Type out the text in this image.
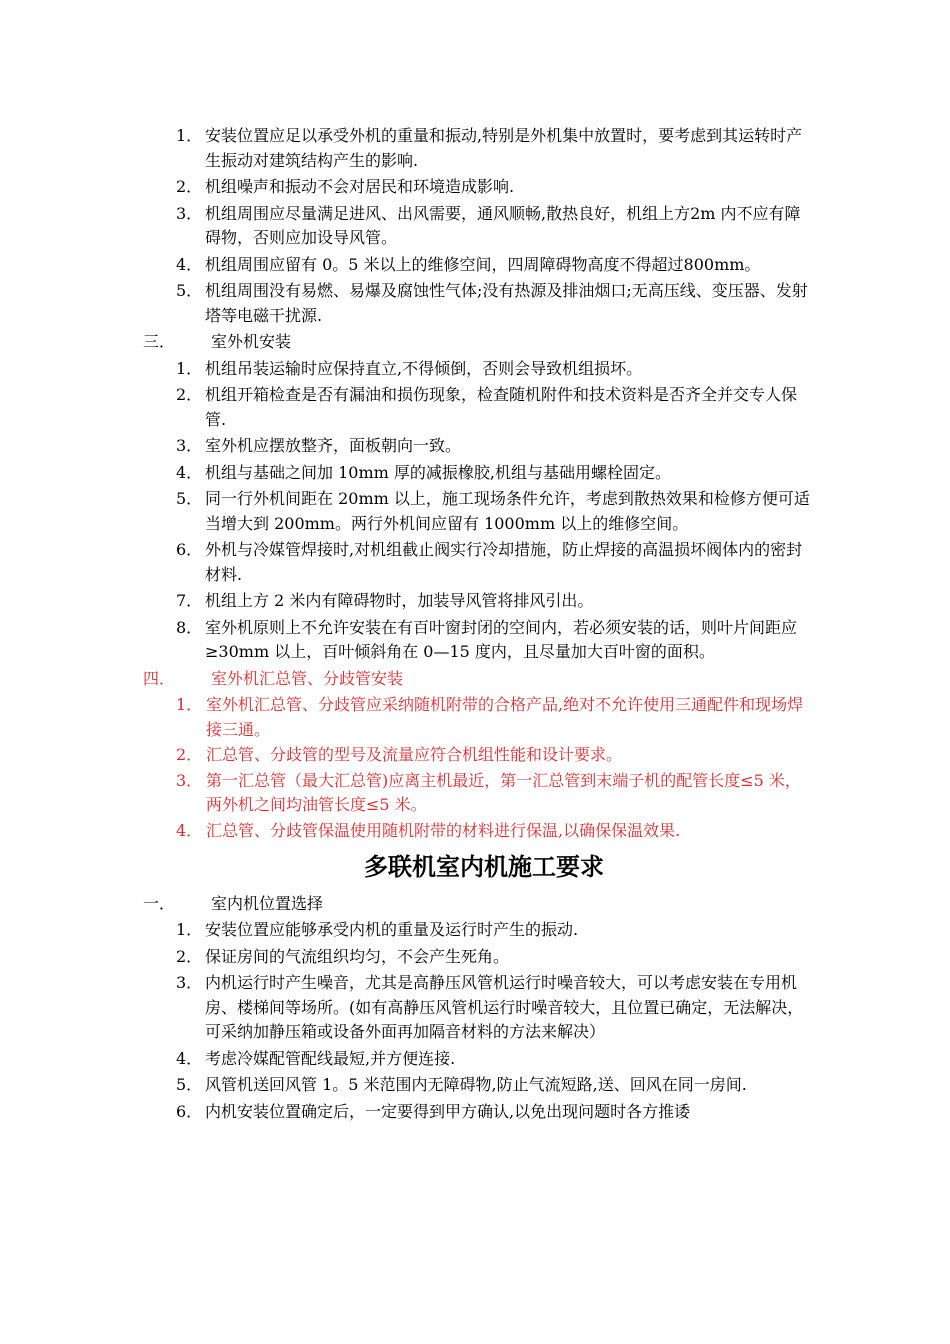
1． 安装位置应足以承受外机的重量和振动,特别是外机集中放置时，要考虑到其运转时产生振动对建筑结构产生的影响.
2． 机组噪声和振动不会对居民和环境造成影响.
3． 机组周围应尽量满足进风、出风需要，通风顺畅,散热良好，机组上方2m 内不应有障碍物，否则应加设导风管。
4． 机组周围应留有 0。5 米以上的维修空间，四周障碍物高度不得超过800mm。
5． 机组周围没有易燃、易爆及腐蚀性气体;没有热源及排油烟口;无高压线、变压器、发射塔等电磁干扰源.
三． 室外机安装
1． 机组吊装运输时应保持直立,不得倾倒，否则会导致机组损坏。
2． 机组开箱检查是否有漏油和损伤现象，检查随机附件和技术资料是否齐全并交专人保管.
3． 室外机应摆放整齐，面板朝向一致。
4． 机组与基础之间加 10mm 厚的减振橡胶,机组与基础用螺栓固定。
5． 同一行外机间距在 20mm 以上，施工现场条件允许，考虑到散热效果和检修方便可适当增大到 200mm。两行外机间应留有 1000mm 以上的维修空间。
6． 外机与冷媒管焊接时,对机组截止阀实行冷却措施，防止焊接的高温损坏阀体内的密封材料.
7． 机组上方 2 米内有障碍物时，加装导风管将排风引出。
8． 室外机原则上不允许安装在有百叶窗封闭的空间内，若必须安装的话，则叶片间距应≥30mm 以上，百叶倾斜角在 0—15 度内，且尽量加大百叶窗的面积。
四． 室外机汇总管、分歧管安装
1． 室外机汇总管、分歧管应采纳随机附带的合格产品,绝对不允许使用三通配件和现场焊接三通。
2． 汇总管、分歧管的型号及流量应符合机组性能和设计要求。
3． 第一汇总管（最大汇总管)应离主机最近，第一汇总管到末端子机的配管长度≤5 米，两外机之间均油管长度≤5 米。
4． 汇总管、分歧管保温使用随机附带的材料进行保温,以确保保温效果.
多联机室内机施工要求
一． 室内机位置选择
1． 安装位置应能够承受内机的重量及运行时产生的振动.
2． 保证房间的气流组织均匀，不会产生死角。
3． 内机运行时产生噪音，尤其是高静压风管机运行时噪音较大，可以考虑安装在专用机房、楼梯间等场所。(如有高静压风管机运行时噪音较大，且位置已确定，无法解决，可采纳加静压箱或设备外面再加隔音材料的方法来解决）
4． 考虑冷媒配管配线最短,并方便连接.
5． 风管机送回风管 1。5 米范围内无障碍物,防止气流短路,送、回风在同一房间.
6． 内机安装位置确定后，一定要得到甲方确认,以免出现问题时各方推诿
